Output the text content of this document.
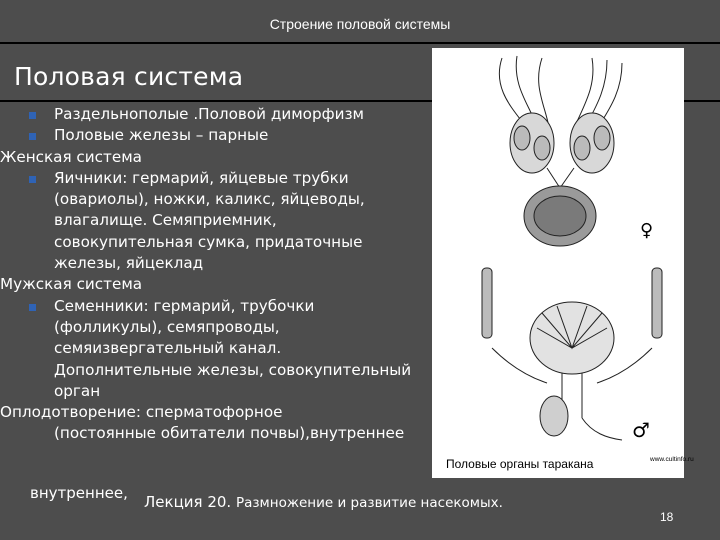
Строение половой системы
Половая система
Раздельнополые .Половой диморфизм
Половые железы – парные
Женская система
Яичники: гермарий, яйцевые трубки
(овариолы), ножки, каликс, яйцеводы,
влагалище. Семяприемник,
совокупительная сумка, придаточные
железы, яйцеклад
Мужская система
Семенники: гермарий, трубочки
(фолликулы), семяпроводы,
семяизвергательный канал.
Дополнительные железы, совокупительный
орган
Оплодотворение: сперматофорное
(постоянные обитатели почвы),внутреннее
внутреннее, Лекция 20. Размножение и развитие насекомых.
♀
♂
Половые органы таракана	www.cultinfo.ru
18
